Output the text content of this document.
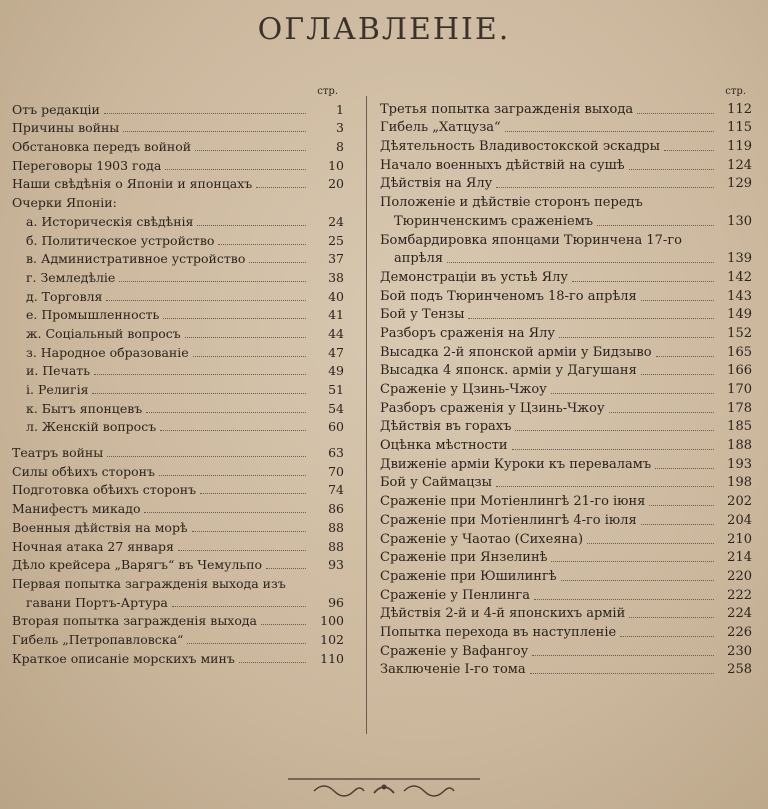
ОГЛАВЛЕНІЕ.
стр.
Отъ редакціи	1
Причины войны	3
Обстановка передъ войной	8
Переговоры 1903 года	10
Наши свѣдѣнія о Японіи и японцахъ	20
Очерки Японіи:
а. Историческія свѣдѣнія	24
б. Политическое устройство	25
в. Административное устройство	37
г. Земледѣліе	38
д. Торговля	40
е. Промышленность	41
ж. Соціальный вопросъ	44
з. Народное образованіе	47
и. Печать	49
і. Религія	51
к. Бытъ японцевъ	54
л. Женскій вопросъ	60
Театръ войны	63
Силы обѣихъ сторонъ	70
Подготовка обѣихъ сторонъ	74
Манифестъ микадо	86
Военныя дѣйствія на морѣ	88
Ночная атака 27 января	88
Дѣло крейсера „Варягъ“ въ Чемульпо	93
Первая попытка загражденія выхода изъ
гавани Портъ-Артура	96
Вторая попытка загражденія выхода	100
Гибель „Петропавловска“	102
Краткое описаніе морскихъ минъ	110
стр.
Третья попытка загражденія выхода	112
Гибель „Хатцуза“	115
Дѣятельность Владивостокской эскадры	119
Начало военныхъ дѣйствій на сушѣ	124
Дѣйствія на Ялу	129
Положеніе и дѣйствіе сторонъ передъ
Тюринченскимъ сраженіемъ	130
Бомбардировка японцами Тюринчена 17-го
апрѣля	139
Демонстраціи въ устьѣ Ялу	142
Бой подъ Тюринченомъ 18-го апрѣля	143
Бой у Тензы	149
Разборъ сраженія на Ялу	152
Высадка 2-й японской арміи у Бидзыво	165
Высадка 4 японск. арміи у Дагушаня	166
Сраженіе у Цзинь-Чжоу	170
Разборъ сраженія у Цзинь-Чжоу	178
Дѣйствія въ горахъ	185
Оцѣнка мѣстности	188
Движеніе арміи Куроки къ переваламъ	193
Бой у Саймацзы	198
Сраженіе при Мотіенлингѣ 21-го іюня	202
Сраженіе при Мотіенлингѣ 4-го іюля	204
Сраженіе у Чаотао (Сихеяна)	210
Сраженіе при Янзелинѣ	214
Сраженіе при Юшилингѣ	220
Сраженіе у Пенлинга	222
Дѣйствія 2-й и 4-й японскихъ армій	224
Попытка перехода въ наступленіе	226
Сраженіе у Вафангоу	230
Заключеніе I-го тома	258
